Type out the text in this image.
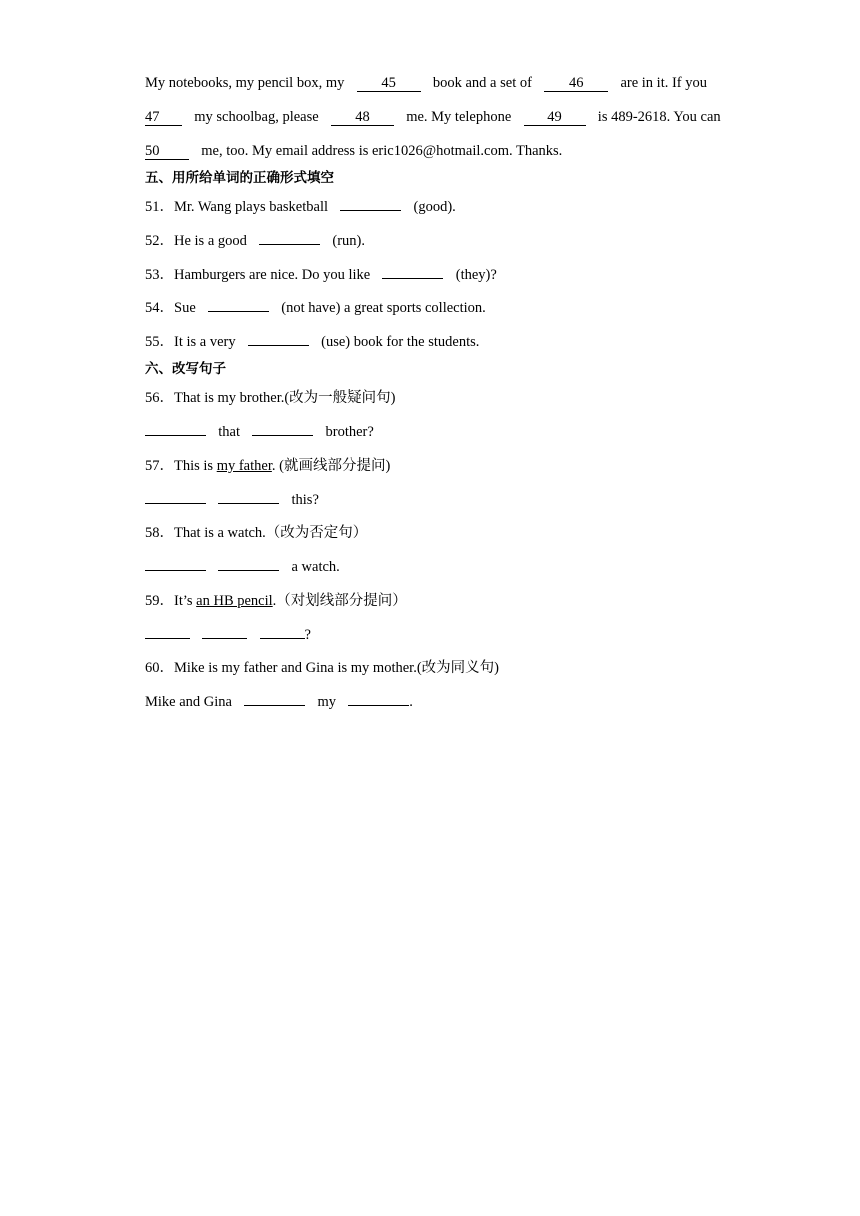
My notebooks, my pencil box, my	45	book and a set of	46	are in it. If you
47 my schoolbag, please	48	me. My telephone 49 is 489-2618. You can
50	me, too. My email address is eric1026@hotmail.com. Thanks.
五、用所给单词的正确形式填空
51．Mr. Wang plays basketball	(good).
52．He is a good	(run).
53．Hamburgers are nice. Do you like	(they)?
54．Sue	(not have) a great sports collection.
55．It is a very	(use) book for the students.
六、改写句子
56．That is my brother.(改为一般疑问句)
that	brother?
57．This is my father. (就画线部分提问)
this?
58．That is a watch.（改为否定句）
a watch.
59．It’s an HB pencil.（对划线部分提问）
?
60．Mike is my father and Gina is my mother.(改为同义句)
Mike and Gina	my	.
